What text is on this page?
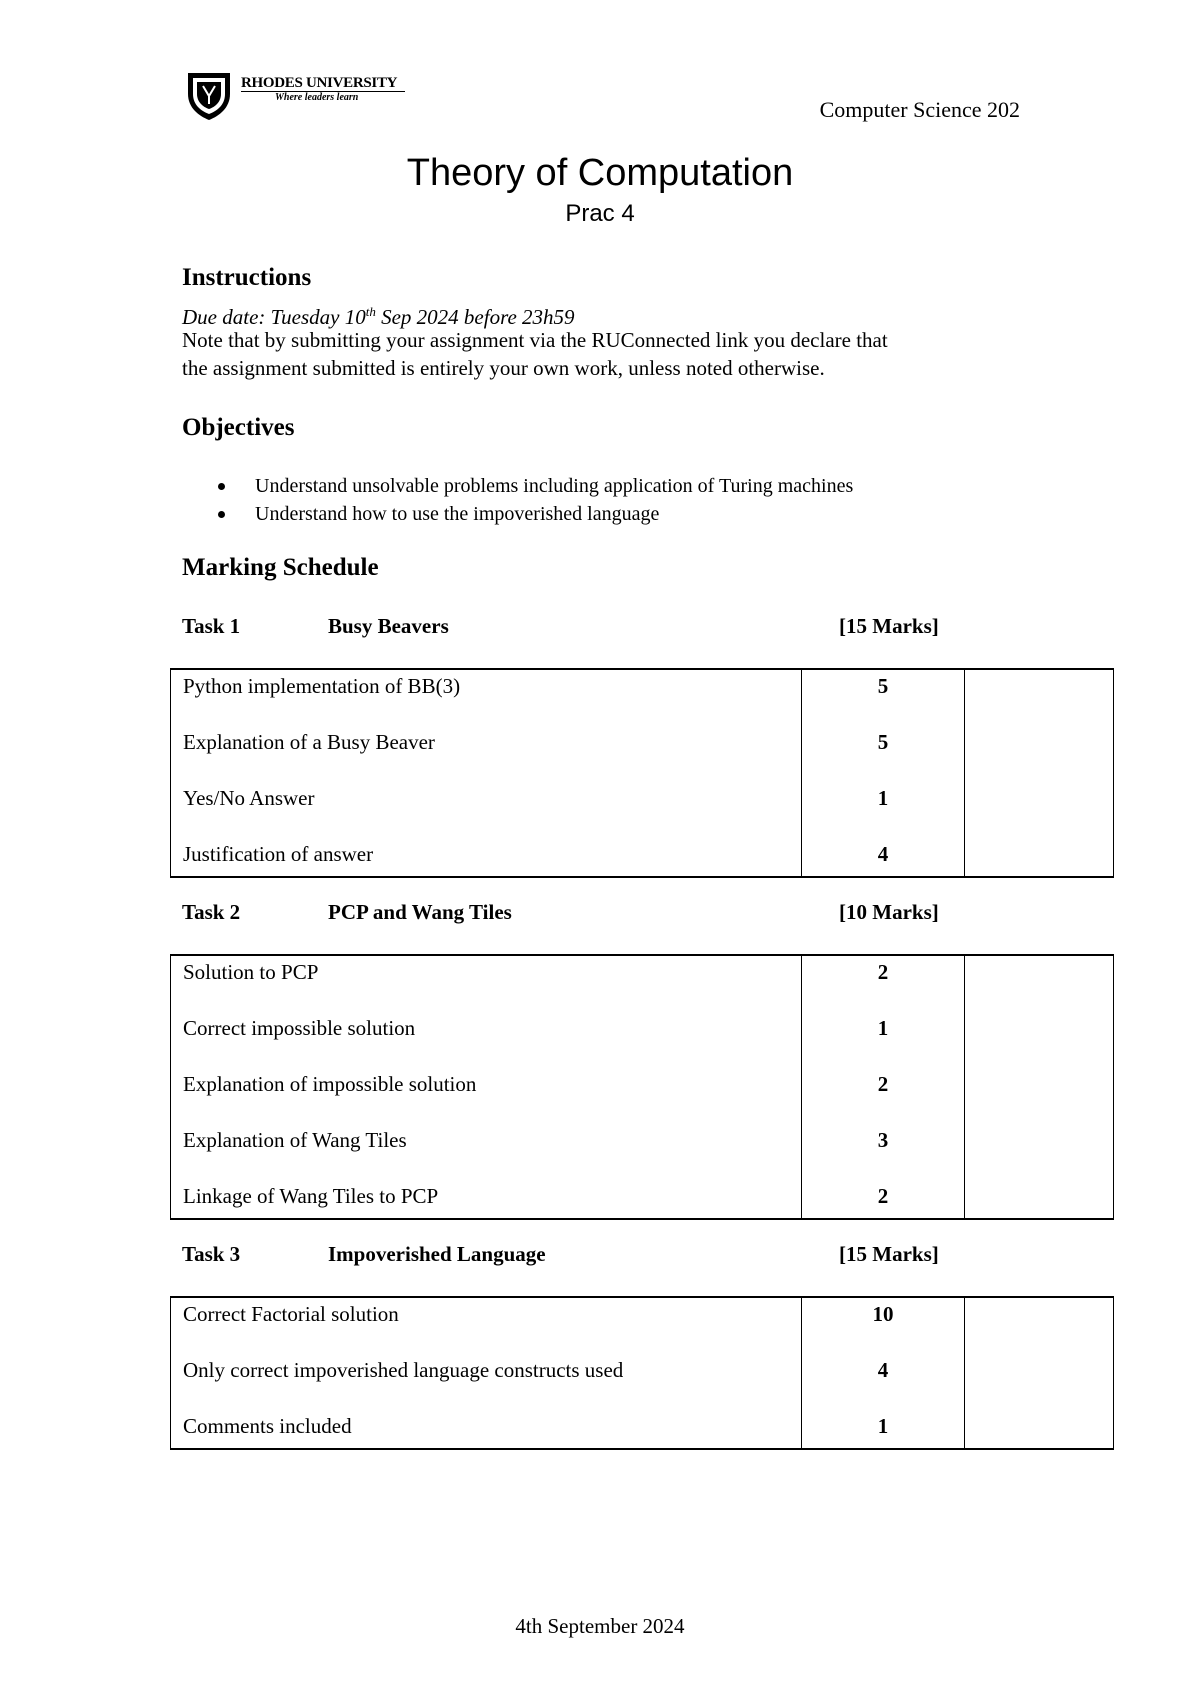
RHODES UNIVERSITY
Where leaders learn	Computer Science 202
Theory of Computation
Prac 4
Instructions
Due date: Tuesday 10th Sep 2024 before 23h59
Note that by submitting your assignment via the RUConnected link you declare that
the assignment submitted is entirely your own work, unless noted otherwise.
Objectives
Understand unsolvable problems including application of Turing machines
Understand how to use the impoverished language
Marking Schedule
Task 1	Busy Beavers	[15 Marks]
Python implementation of BB(3)	5	
Explanation of a Busy Beaver	5	
Yes/No Answer	1	
Justification of answer	4	
Task 2	PCP and Wang Tiles	[10 Marks]
Solution to PCP	2	
Correct impossible solution	1	
Explanation of impossible solution	2	
Explanation of Wang Tiles	3	
Linkage of Wang Tiles to PCP	2	
Task 3	Impoverished Language	[15 Marks]
Correct Factorial solution	10	
Only correct impoverished language constructs used	4	
Comments included	1	
4th September 2024
